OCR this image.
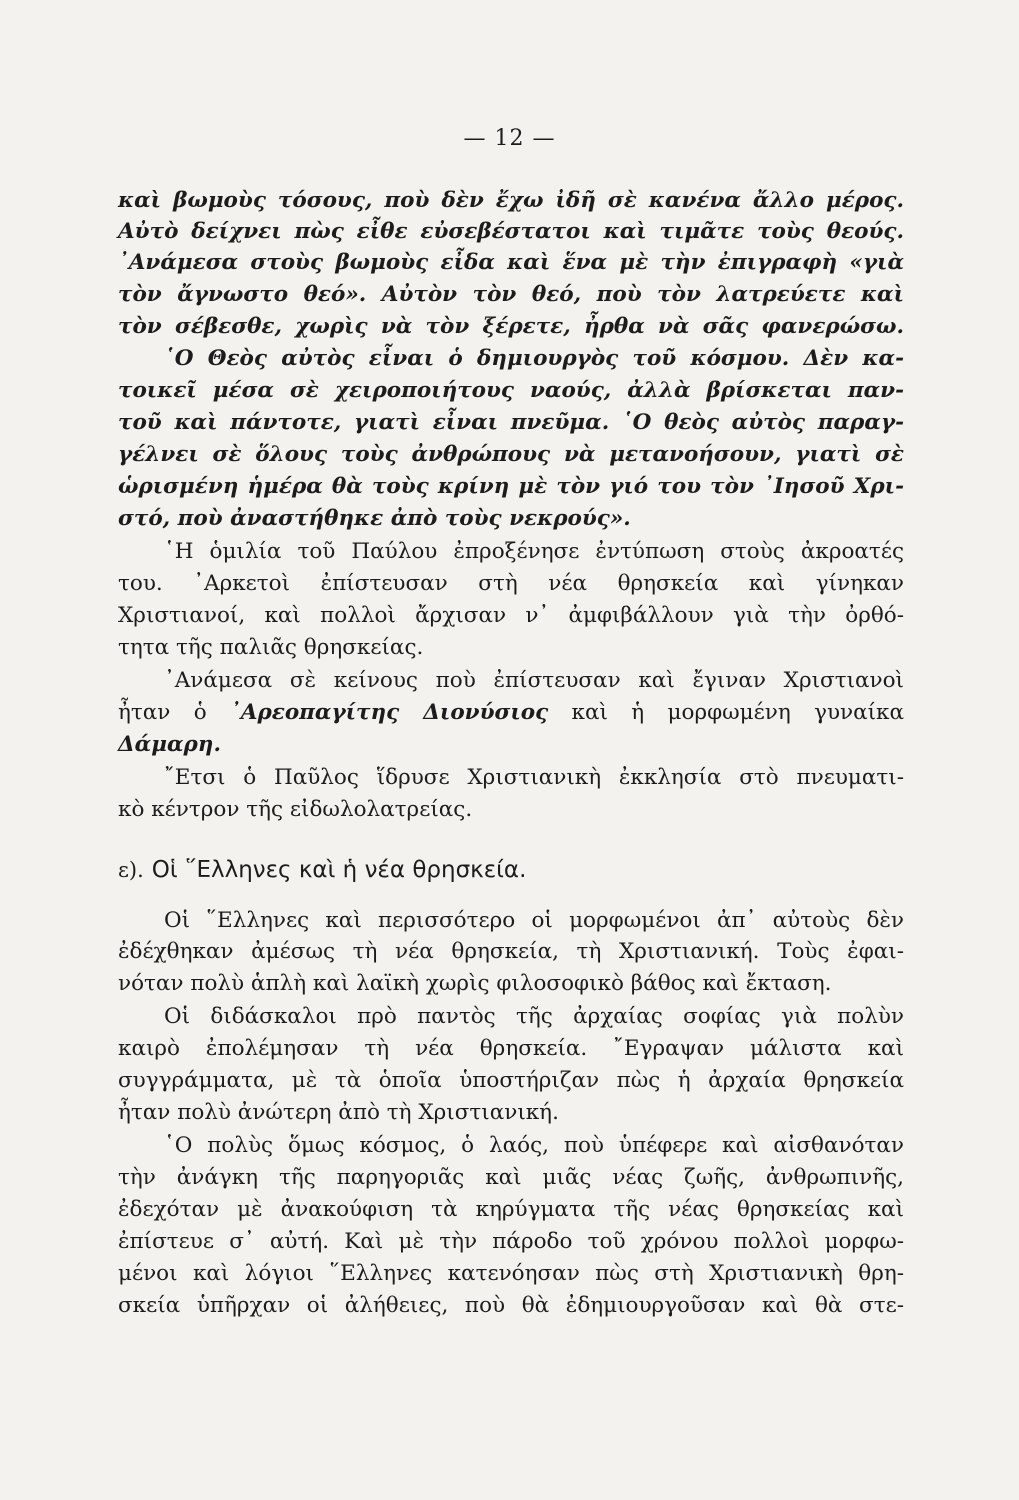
— 12 —
καὶ βωμοὺς τόσους, ποὺ δὲν ἔχω ἰδῆ σὲ κανένα ἄλλο μέρος.
Αὐτὸ δείχνει πὼς εἶθε εὐσεβέστατοι καὶ τιμᾶτε τοὺς θεούς.
᾿Ανάμεσα στοὺς βωμοὺς εἶδα καὶ ἕνα μὲ τὴν ἐπιγραφὴ «γιὰ
τὸν ἄγνωστο θεό». Αὐτὸν τὸν θεό, ποὺ τὸν λατρεύετε καὶ
τὸν σέβεσθε, χωρὶς νὰ τὸν ξέρετε, ἦρθα νὰ σᾶς φανερώσω.
῾Ο Θεὸς αὐτὸς εἶναι ὁ δημιουργὸς τοῦ κόσμου. Δὲν κα-
τοικεῖ μέσα σὲ χειροποιήτους ναούς, ἀλλὰ βρίσκεται παν-
τοῦ καὶ πάντοτε, γιατὶ εἶναι πνεῦμα. ῾Ο θεὸς αὐτὸς παραγ-
γέλνει σὲ ὅλους τοὺς ἀνθρώπους νὰ μετανοήσουν, γιατὶ σὲ
ὡρισμένη ἡμέρα θὰ τοὺς κρίνη μὲ τὸν γιό του τὸν ᾿Ιησοῦ Χρι-
στό, ποὺ ἀναστήθηκε ἀπὸ τοὺς νεκρούς».
῾Η ὁμιλία τοῦ Παύλου ἐπροξένησε ἐντύπωση στοὺς ἀκροατές
του. ᾿Αρκετοὶ ἐπίστευσαν στὴ νέα θρησκεία καὶ γίνηκαν
Χριστιανοί, καὶ πολλοὶ ἄρχισαν ν᾿ ἀμφιβάλλουν γιὰ τὴν ὀρθό-
τητα τῆς παλιᾶς θρησκείας.
᾿Ανάμεσα σὲ κείνους ποὺ ἐπίστευσαν καὶ ἔγιναν Χριστιανοὶ
ἦταν ὁ ᾿Αρεοπαγίτης Διονύσιος καὶ ἡ μορφωμένη γυναίκα
Δάμαρη.
῎Ετσι ὁ Παῦλος ἵδρυσε Χριστιανικὴ ἐκκλησία στὸ πνευματι-
κὸ κέντρον τῆς εἰδωλολατρείας.
ε). Οἱ ῞Ελληνες καὶ ἡ νέα θρησκεία.
Οἱ ῞Ελληνες καὶ περισσότερο οἱ μορφωμένοι ἀπ᾿ αὐτοὺς δὲν
ἐδέχθηκαν ἀμέσως τὴ νέα θρησκεία, τὴ Χριστιανική. Τοὺς ἐφαι-
νόταν πολὺ ἁπλὴ καὶ λαϊκὴ χωρὶς φιλοσοφικὸ βάθος καὶ ἔκταση.
Οἱ διδάσκαλοι πρὸ παντὸς τῆς ἀρχαίας σοφίας γιὰ πολὺν
καιρὸ ἐπολέμησαν τὴ νέα θρησκεία. ῎Εγραψαν μάλιστα καὶ
συγγράμματα, μὲ τὰ ὁποῖα ὑποστήριζαν πὼς ἡ ἀρχαία θρησκεία
ἦταν πολὺ ἀνώτερη ἀπὸ τὴ Χριστιανική.
῾Ο πολὺς ὅμως κόσμος, ὁ λαός, ποὺ ὑπέφερε καὶ αἰσθανόταν
τὴν ἀνάγκη τῆς παρηγοριᾶς καὶ μιᾶς νέας ζωῆς, ἀνθρωπινῆς,
ἐδεχόταν μὲ ἀνακούφιση τὰ κηρύγματα τῆς νέας θρησκείας καὶ
ἐπίστευε σ᾿ αὐτή. Καὶ μὲ τὴν πάροδο τοῦ χρόνου πολλοὶ μορφω-
μένοι καὶ λόγιοι ῞Ελληνες κατενόησαν πὼς στὴ Χριστιανικὴ θρη-
σκεία ὑπῆρχαν οἱ ἀλήθειες, ποὺ θὰ ἐδημιουργοῦσαν καὶ θὰ στε-
